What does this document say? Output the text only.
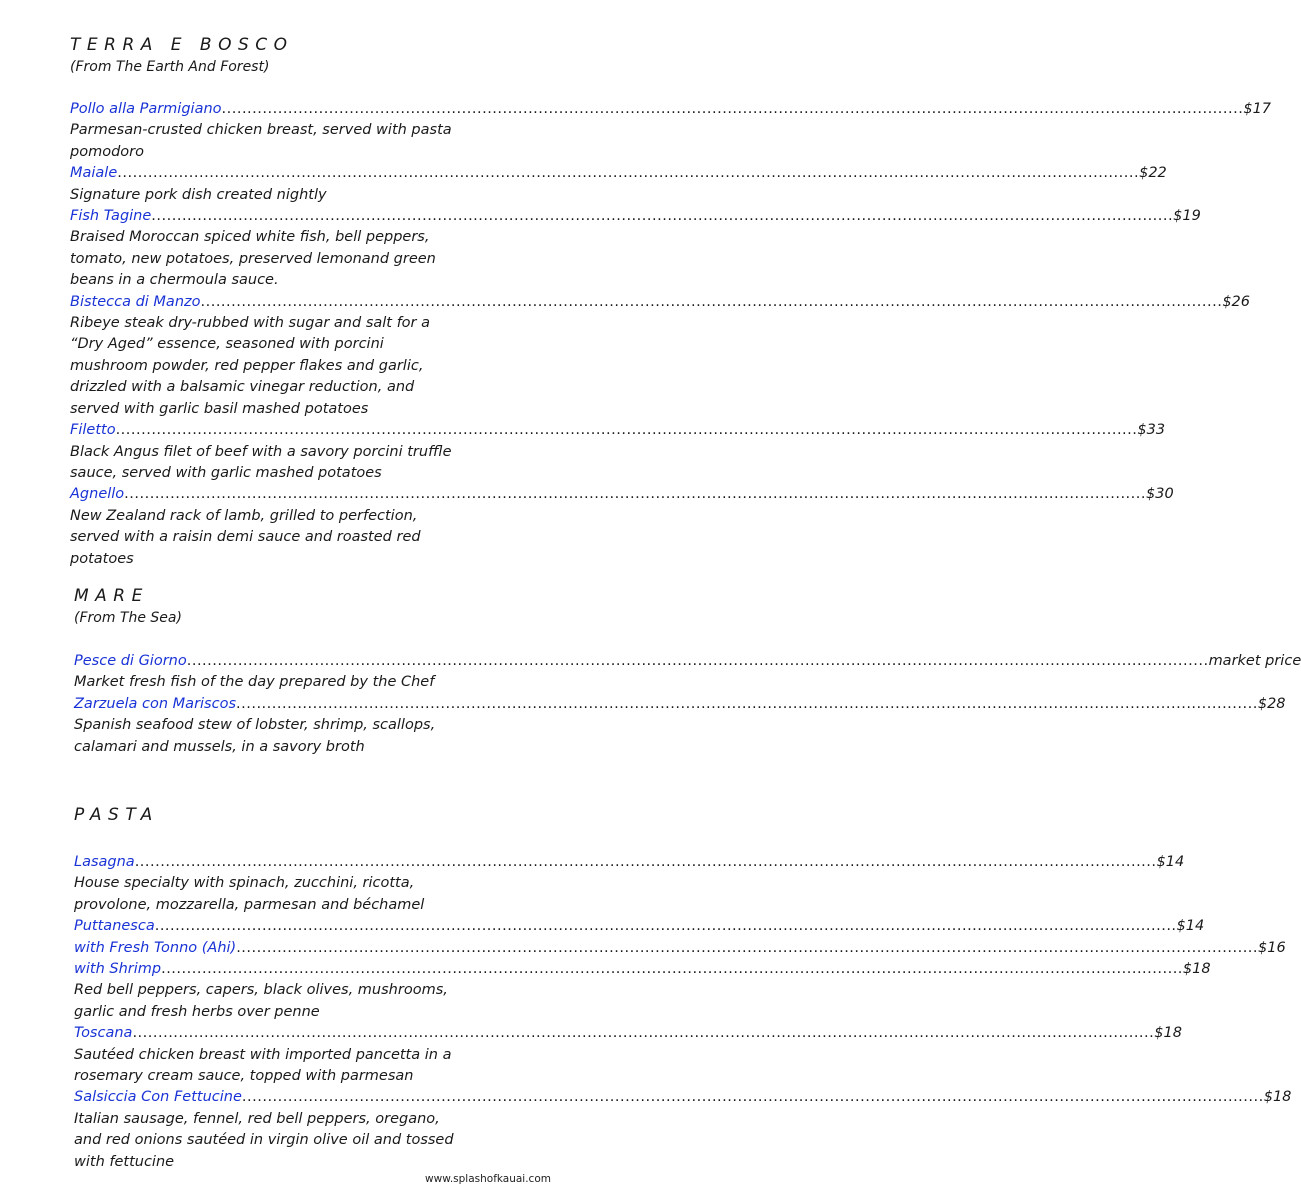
TERRA E BOSCO
(From The Earth And Forest)
Pollo alla Parmigiano ........................................................................................................................................................................................................ $17
Parmesan-crusted chicken breast, served with pasta pomodoro
Maiale ........................................................................................................................................................................................................ $22
Signature pork dish created nightly
Fish Tagine ........................................................................................................................................................................................................ $19
Braised Moroccan spiced white fish, bell peppers, tomato, new potatoes, preserved lemonand green beans in a chermoula sauce.
Bistecca di Manzo ........................................................................................................................................................................................................ $26
Ribeye steak dry-rubbed with sugar and salt for a “Dry Aged” essence, seasoned with porcini mushroom powder, red pepper flakes and garlic, drizzled with a balsamic vinegar reduction, and served with garlic basil mashed potatoes
Filetto ........................................................................................................................................................................................................ $33
Black Angus filet of beef with a savory porcini truffle sauce, served with garlic mashed potatoes
Agnello ........................................................................................................................................................................................................ $30
New Zealand rack of lamb, grilled to perfection, served with a raisin demi sauce and roasted red potatoes
MARE
(From The Sea)
Pesce di Giorno ........................................................................................................................................................................................................ market price
Market fresh fish of the day prepared by the Chef
Zarzuela con Mariscos ........................................................................................................................................................................................................ $28
Spanish seafood stew of lobster, shrimp, scallops, calamari and mussels, in a savory broth
PASTA
Lasagna ........................................................................................................................................................................................................ $14
House specialty with spinach, zucchini, ricotta, provolone, mozzarella, parmesan and béchamel
Puttanesca ........................................................................................................................................................................................................ $14
with Fresh Tonno (Ahi) ........................................................................................................................................................................................................ $16
with Shrimp ........................................................................................................................................................................................................ $18
Red bell peppers, capers, black olives, mushrooms, garlic and fresh herbs over penne
Toscana ........................................................................................................................................................................................................ $18
Sautéed chicken breast with imported pancetta in a rosemary cream sauce, topped with parmesan
Salsiccia Con Fettucine ........................................................................................................................................................................................................ $18
Italian sausage, fennel, red bell peppers, oregano, and red onions sautéed in virgin olive oil and tossed with fettucine
www.splashofkauai.com
